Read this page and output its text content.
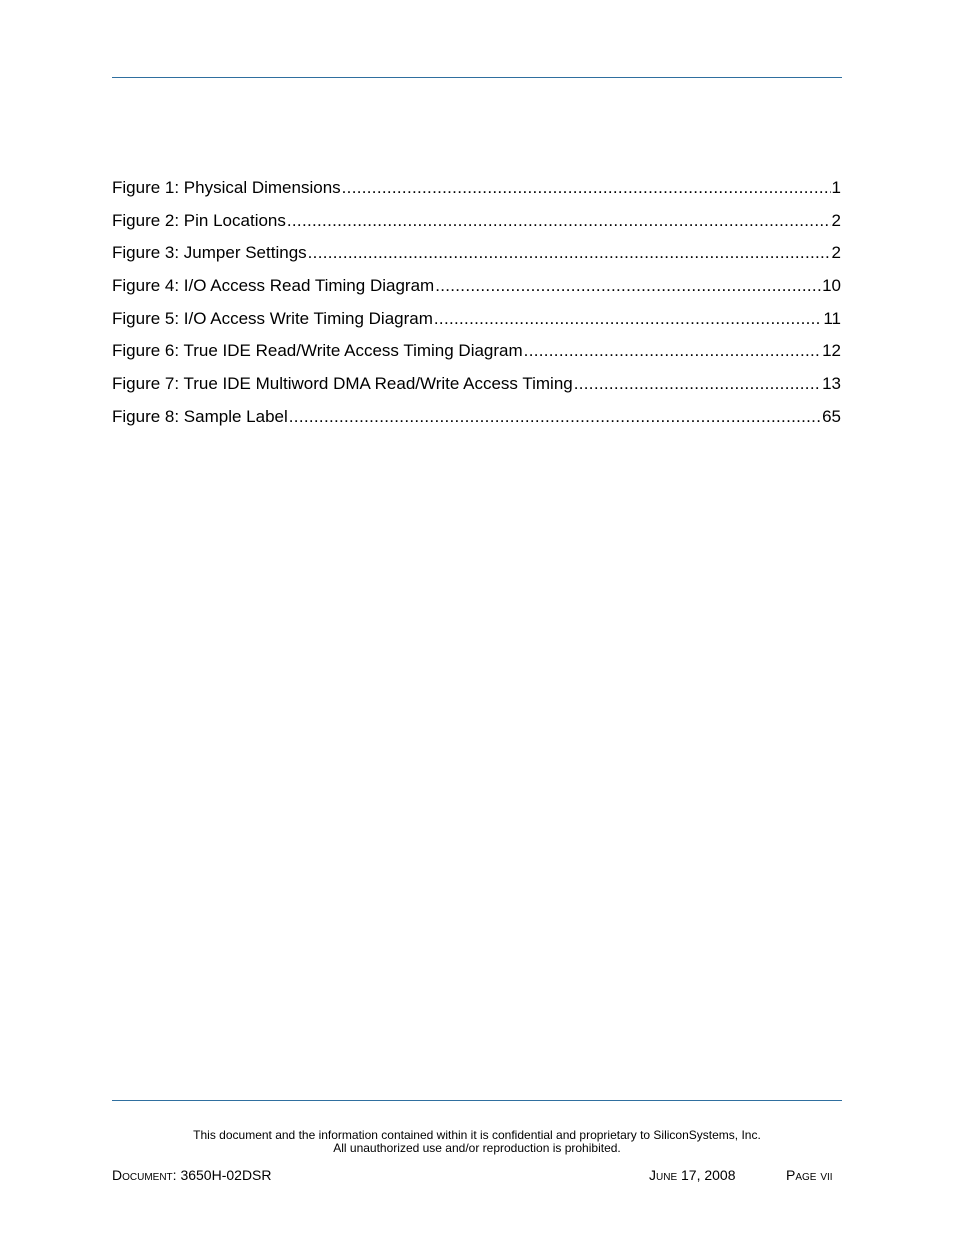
Figure 1: Physical Dimensions .....	1
Figure 2: Pin Locations .....	2
Figure 3: Jumper Settings .....	2
Figure 4: I/O Access Read Timing Diagram .....	10
Figure 5: I/O Access Write Timing Diagram .....	11
Figure 6: True IDE Read/Write Access Timing Diagram .....	12
Figure 7: True IDE Multiword DMA Read/Write Access Timing .....	13
Figure 8: Sample Label .....	65
This document and the information contained within it is confidential and proprietary to SiliconSystems, Inc.
All unauthorized use and/or reproduction is prohibited.
Document: 3650H-02DSR	June 17, 2008	Page vii
